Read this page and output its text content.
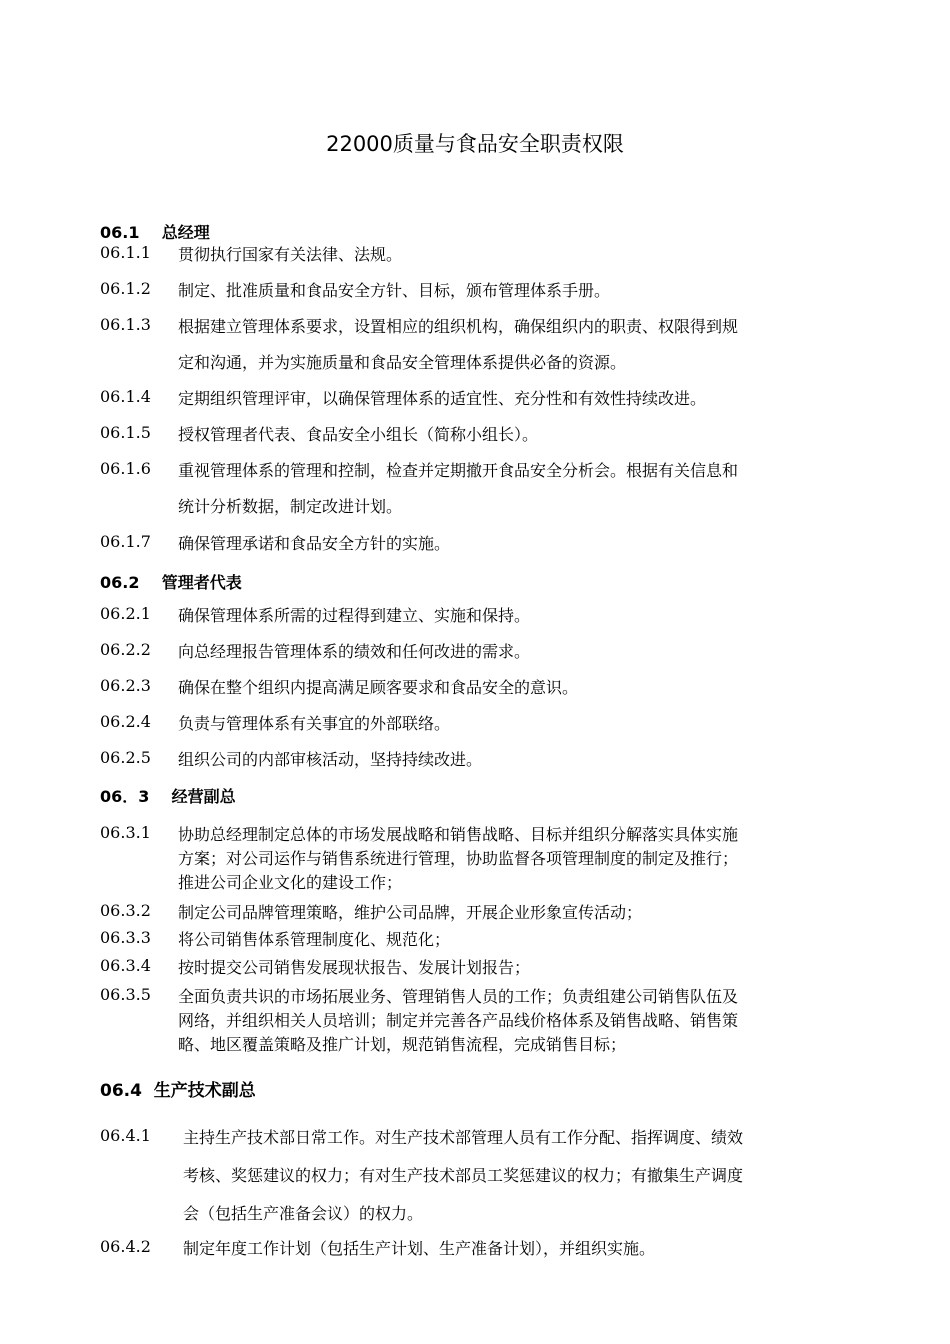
22000质量与食品安全职责权限
06.1    总经理
06.1.1 贯彻执行国家有关法律、法规。
06.1.2 制定、批准质量和食品安全方针、目标，颁布管理体系手册。
06.1.3 根据建立管理体系要求，设置相应的组织机构，确保组织内的职责、权限得到规
定和沟通，并为实施质量和食品安全管理体系提供必备的资源。
06.1.4 定期组织管理评审，以确保管理体系的适宜性、充分性和有效性持续改进。
06.1.5 授权管理者代表、食品安全小组长（简称小组长）。
06.1.6 重视管理体系的管理和控制，检查并定期撤开食品安全分析会。根据有关信息和
统计分析数据，制定改进计划。
06.1.7 确保管理承诺和食品安全方针的实施。
06.2    管理者代表
06.2.1 确保管理体系所需的过程得到建立、实施和保持。
06.2.2 向总经理报告管理体系的绩效和任何改进的需求。
06.2.3 确保在整个组织内提高满足顾客要求和食品安全的意识。
06.2.4 负责与管理体系有关事宜的外部联络。
06.2.5 组织公司的内部审核活动，坚持持续改进。
06．3    经营副总
06.3.1 协助总经理制定总体的市场发展战略和销售战略、目标并组织分解落实具体实施
方案；对公司运作与销售系统进行管理，协助监督各项管理制度的制定及推行；
推进公司企业文化的建设工作；
06.3.2 制定公司品牌管理策略，维护公司品牌，开展企业形象宣传活动；
06.3.3 将公司销售体系管理制度化、规范化；
06.3.4 按时提交公司销售发展现状报告、发展计划报告；
06.3.5 全面负责共识的市场拓展业务、管理销售人员的工作；负责组建公司销售队伍及
网络，并组织相关人员培训；制定并完善各产品线价格体系及销售战略、销售策
略、地区覆盖策略及推广计划，规范销售流程，完成销售目标；
06.4  生产技术副总
06.4.1 主持生产技术部日常工作。对生产技术部管理人员有工作分配、指挥调度、绩效
考核、奖惩建议的权力；有对生产技术部员工奖惩建议的权力；有撤集生产调度
会（包括生产准备会议）的权力。
06.4.2 制定年度工作计划（包括生产计划、生产准备计划），并组织实施。
